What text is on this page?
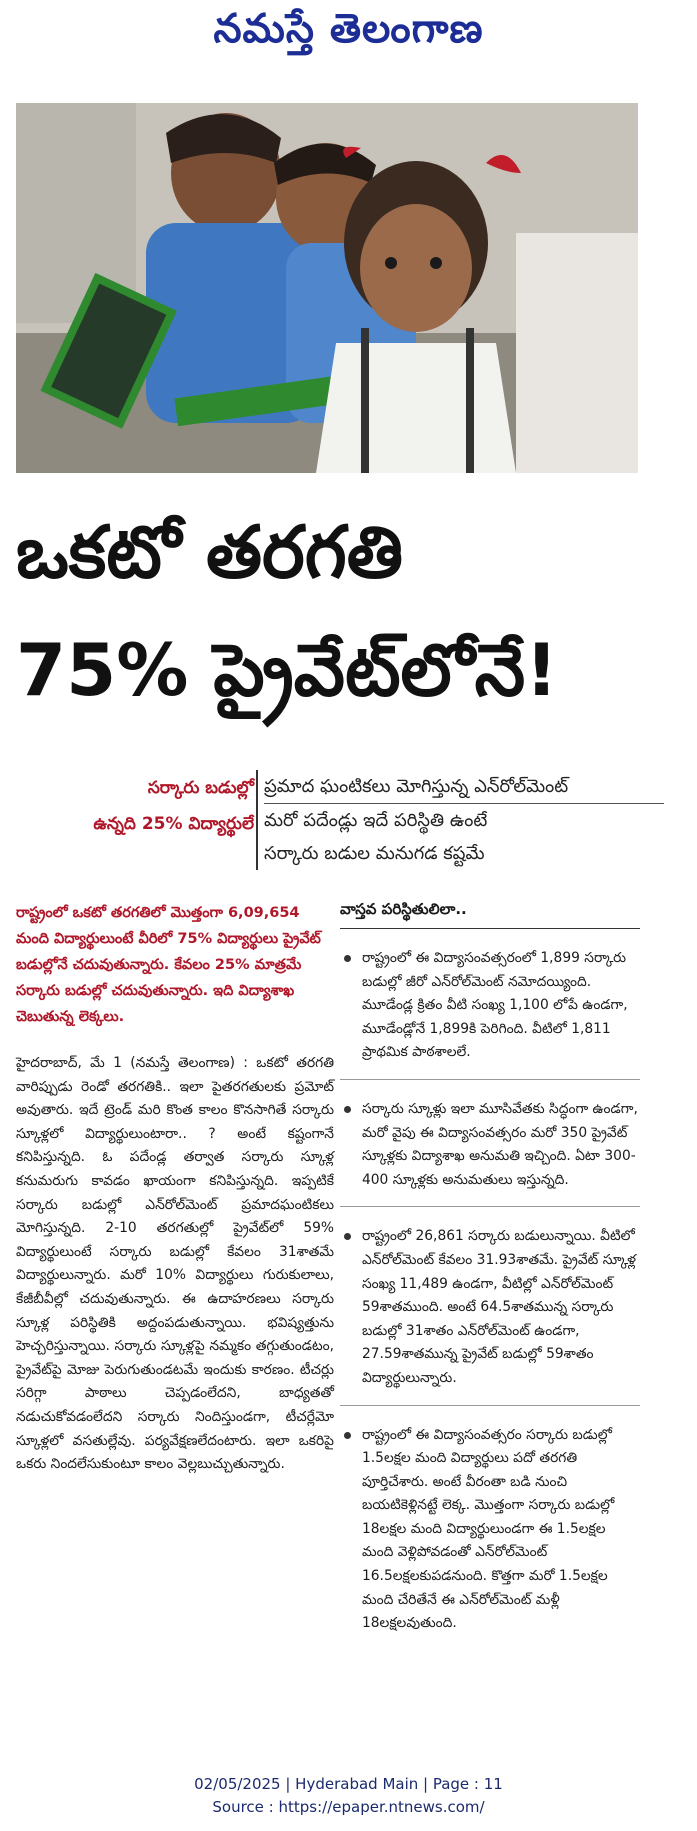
నమస్తే తెలంగాణ
ఒకటో తరగతి
75% ప్రైవేట్‌లోనే!
సర్కారు బడుల్లో
ఉన్నది 25% విద్యార్థులే
ప్రమాద ఘంటికలు మోగిస్తున్న ఎన్‌రోల్‌మెంట్
మరో పదేండ్లు ఇదే పరిస్థితి ఉంటే
సర్కారు బడుల మనుగడ కష్టమే
రాష్ట్రంలో ఒకటో తరగతిలో మొత్తంగా 6,09,654 మంది విద్యార్థులుంటే వీరిలో 75% విద్యార్థులు ప్రైవేట్ బడుల్లోనే చదువుతున్నారు. కేవలం 25% మాత్రమే సర్కారు బడుల్లో చదువుతున్నారు. ఇది విద్యాశాఖ చెబుతున్న లెక్కలు.
హైదరాబాద్, మే 1 (నమస్తే తెలంగాణ) : ఒకటో తరగతి వారిప్పుడు రెండో తరగతికి.. ఇలా పైతరగతులకు ప్రమోట్ అవుతారు. ఇదే ట్రెండ్ మరి కొంత కాలం కొనసాగితే సర్కారు స్కూళ్లలో విద్యార్థులుంటారా.. ? అంటే కష్టంగానే కనిపిస్తున్నది. ఓ పదేండ్ల తర్వాత సర్కారు స్కూళ్ల కనుమరుగు కావడం ఖాయంగా కనిపిస్తున్నది. ఇప్పటికే సర్కారు బడుల్లో ఎన్‌రోల్‌మెంట్ ప్రమాదఘంటికలు మోగిస్తున్నది. 2-10 తరగతుల్లో ప్రైవేట్‌లో 59% విద్యార్థులుంటే సర్కారు బడుల్లో కేవలం 31శాతమే విద్యార్థులున్నారు. మరో 10% విద్యార్థులు గురుకులాలు, కేజీబీవీల్లో చదువుతున్నారు. ఈ ఉదాహరణలు సర్కారు స్కూళ్ల పరిస్థితికి అద్దంపడుతున్నాయి. భవిష్యత్తును హెచ్చరిస్తున్నాయి. సర్కారు స్కూళ్లపై నమ్మకం తగ్గుతుండటం, ప్రైవేట్‌పై మోజు పెరుగుతుండటమే ఇందుకు కారణం. టీచర్లు సరిగ్గా పాఠాలు చెప్పడంలేదని, బాధ్యతతో నడుచుకోవడంలేదని సర్కారు నిందిస్తుండగా, టీచర్లేమో స్కూళ్లలో వసతుల్లేవు. పర్యవేక్షణలేదంటారు. ఇలా ఒకరిపై ఒకరు నిందలేసుకుంటూ కాలం వెల్లబుచ్చుతున్నారు.
వాస్తవ పరిస్థితులిలా..
రాష్ట్రంలో ఈ విద్యాసంవత్సరంలో 1,899 సర్కారు బడుల్లో జీరో ఎన్‌రోల్‌మెంట్ నమోదయ్యింది. మూడేండ్ల క్రితం వీటి సంఖ్య 1,100 లోపే ఉండగా, మూడేండ్లోనే 1,899కి పెరిగింది. వీటిలో 1,811 ప్రాథమిక పాఠశాలలే.
సర్కారు స్కూళ్లు ఇలా మూసివేతకు సిద్ధంగా ఉండగా, మరో వైపు ఈ విద్యాసంవత్సరం మరో 350 ప్రైవేట్ స్కూళ్లకు విద్యాశాఖ అనుమతి ఇచ్చింది. ఏటా 300-400 స్కూళ్లకు అనుమతులు ఇస్తున్నది.
రాష్ట్రంలో 26,861 సర్కారు బడులున్నాయి. వీటిలో ఎన్‌రోల్‌మెంట్ కేవలం 31.93శాతమే. ప్రైవేట్ స్కూళ్ల సంఖ్య 11,489 ఉండగా, వీటిల్లో ఎన్‌రోల్‌మెంట్ 59శాతముంది. అంటే 64.5శాతమున్న సర్కారు బడుల్లో 31శాతం ఎన్‌రోల్‌మెంట్ ఉండగా, 27.59శాతమున్న ప్రైవేట్ బడుల్లో 59శాతం విద్యార్థులున్నారు.
రాష్ట్రంలో ఈ విద్యాసంవత్సరం సర్కారు బడుల్లో 1.5లక్షల మంది విద్యార్థులు పదో తరగతి పూర్తిచేశారు. అంటే వీరంతా బడి నుంచి బయటికెళ్లినట్టే లెక్క. మొత్తంగా సర్కారు బడుల్లో 18లక్షల మంది విద్యార్థులుండగా ఈ 1.5లక్షల మంది వెళ్లిపోవడంతో ఎన్‌రోల్‌మెంట్ 16.5లక్షలకుపడనుంది. కొత్తగా మరో 1.5లక్షల మంది చేరితేనే ఈ ఎన్‌రోల్‌మెంట్ మళ్లీ 18లక్షలవుతుంది.
02/05/2025 | Hyderabad Main | Page : 11
Source : https://epaper.ntnews.com/
